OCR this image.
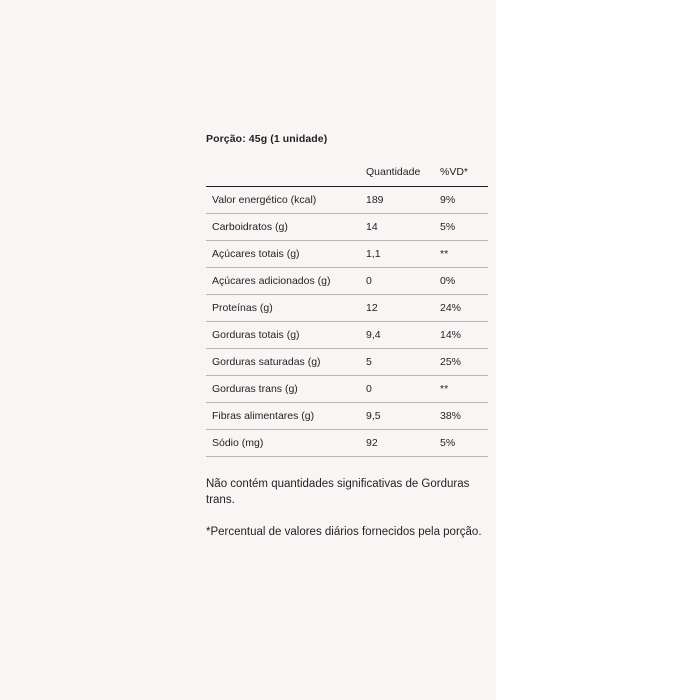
Porção: 45g (1 unidade)
	Quantidade	%VD*
Valor energético (kcal)	189	9%
Carboidratos (g)	14	5%
Açúcares totais (g)	1,1	**
Açúcares adicionados (g)	0	0%
Proteínas (g)	12	24%
Gorduras totais (g)	9,4	14%
Gorduras saturadas (g)	5	25%
Gorduras trans (g)	0	**
Fibras alimentares (g)	9,5	38%
Sódio (mg)	92	5%
Não contém quantidades significativas de Gorduras trans.
*Percentual de valores diários fornecidos pela porção.
